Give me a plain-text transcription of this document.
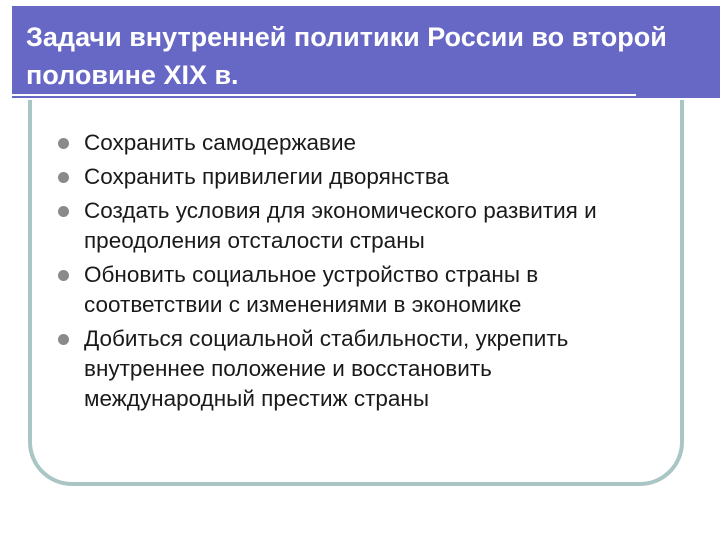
Задачи внутренней политики России во второй половине XIX в.
Сохранить самодержавие
Сохранить привилегии дворянства
Создать условия для экономического развития и преодоления отсталости страны
Обновить социальное устройство страны в соответствии с изменениями в экономике
Добиться социальной стабильности, укрепить внутреннее положение и восстановить международный престиж страны
